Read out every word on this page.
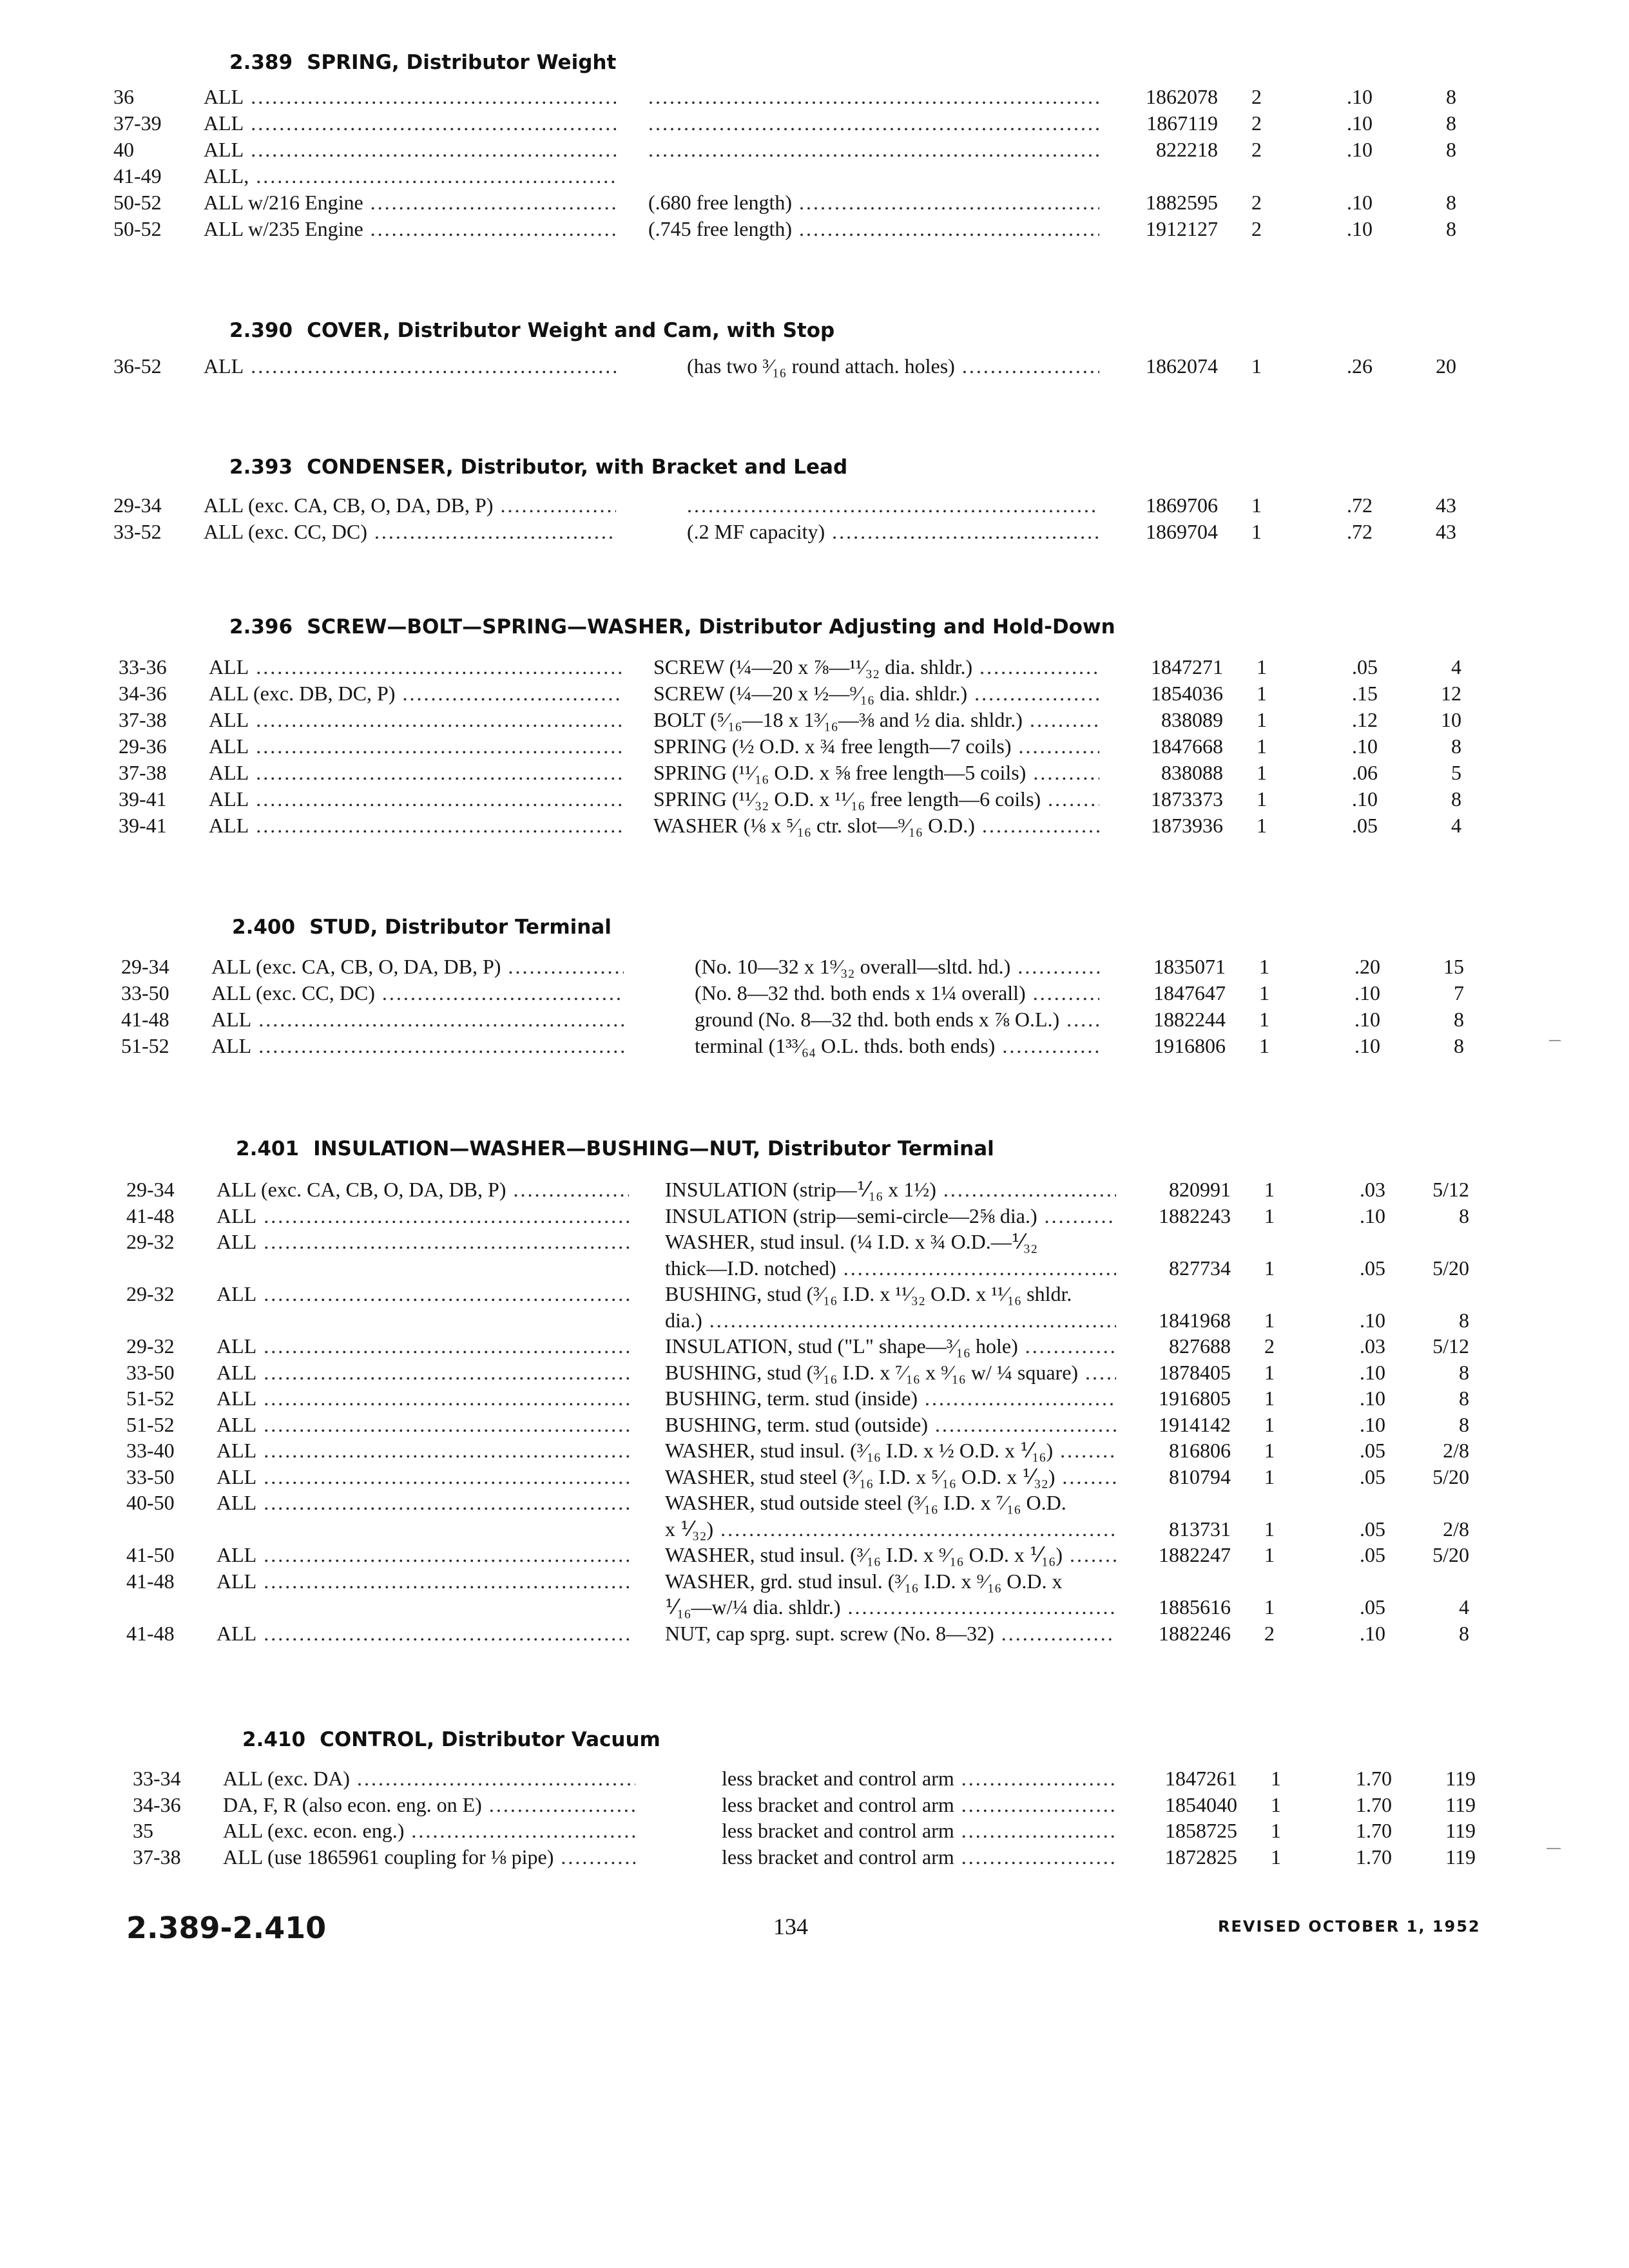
2.389 SPRING, Distributor Weight
36	ALL ..... .....	1862078	2	.10	8
37-39	ALL ..... .....	1867119	2	.10	8
40	ALL ..... .....	822218	2	.10	8
41-49	ALL, .....
50-52	ALL w/216 Engine .....	(.680 free length) .....	1882595	2	.10	8
50-52	ALL w/235 Engine .....	(.745 free length) .....	1912127	2	.10	8
2.390 COVER, Distributor Weight and Cam, with Stop
36-52	ALL .....	(has two ³⁄₁₆ round attach. holes) .....	1862074	1	.26	20
2.393 CONDENSER, Distributor, with Bracket and Lead
29-34	ALL (exc. CA, CB, O, DA, DB, P) ..... .....	1869706	1	.72	43
33-52	ALL (exc. CC, DC) .....	(.2 MF capacity) .....	1869704	1	.72	43
2.396 SCREW—BOLT—SPRING—WASHER, Distributor Adjusting and Hold-Down
33-36	ALL .....	SCREW (¼—20 x ⅞—¹¹⁄₃₂ dia. shldr.) .....	1847271	1	.05	4
34-36	ALL (exc. DB, DC, P) .....	SCREW (¼—20 x ½—⁹⁄₁₆ dia. shldr.) .....	1854036	1	.15	12
37-38	ALL .....	BOLT (⁵⁄₁₆—18 x 1³⁄₁₆—⅜ and ½ dia. shldr.) .....	838089	1	.12	10
29-36	ALL .....	SPRING (½ O.D. x ¾ free length—7 coils) .....	1847668	1	.10	8
37-38	ALL .....	SPRING (¹¹⁄₁₆ O.D. x ⅝ free length—5 coils) .....	838088	1	.06	5
39-41	ALL .....	SPRING (¹¹⁄₃₂ O.D. x ¹¹⁄₁₆ free length—6 coils) .....	1873373	1	.10	8
39-41	ALL .....	WASHER (⅛ x ⁵⁄₁₆ ctr. slot—⁹⁄₁₆ O.D.) .....	1873936	1	.05	4
2.400 STUD, Distributor Terminal
29-34	ALL (exc. CA, CB, O, DA, DB, P) .....	(No. 10—32 x 1⁹⁄₃₂ overall—sltd. hd.) .....	1835071	1	.20	15
33-50	ALL (exc. CC, DC) .....	(No. 8—32 thd. both ends x 1¼ overall) .....	1847647	1	.10	7
41-48	ALL .....	ground (No. 8—32 thd. both ends x ⅞ O.L.) .....	1882244	1	.10	8
51-52	ALL .....	terminal (1³³⁄₆₄ O.L. thds. both ends) .....	1916806	1	.10	8
2.401 INSULATION—WASHER—BUSHING—NUT, Distributor Terminal
29-34	ALL (exc. CA, CB, O, DA, DB, P) .....	INSULATION (strip—⅟₁₆ x 1½) .....	820991	1	.03	5/12
41-48	ALL .....	INSULATION (strip—semi-circle—2⅝ dia.) .....	1882243	1	.10	8
29-32	ALL .....	WASHER, stud insul. (¼ I.D. x ¾ O.D.—⅟₃₂
thick—I.D. notched) .....	827734	1	.05	5/20
29-32	ALL .....	BUSHING, stud (³⁄₁₆ I.D. x ¹¹⁄₃₂ O.D. x ¹¹⁄₁₆ shldr.
dia.) .....	1841968	1	.10	8
29-32	ALL .....	INSULATION, stud ("L" shape—³⁄₁₆ hole) .....	827688	2	.03	5/12
33-50	ALL .....	BUSHING, stud (³⁄₁₆ I.D. x ⁷⁄₁₆ x ⁹⁄₁₆ w/ ¼ square) .....	1878405	1	.10	8
51-52	ALL .....	BUSHING, term. stud (inside) .....	1916805	1	.10	8
51-52	ALL .....	BUSHING, term. stud (outside) .....	1914142	1	.10	8
33-40	ALL .....	WASHER, stud insul. (³⁄₁₆ I.D. x ½ O.D. x ⅟₁₆) .....	816806	1	.05	2/8
33-50	ALL .....	WASHER, stud steel (³⁄₁₆ I.D. x ⁵⁄₁₆ O.D. x ⅟₃₂) .....	810794	1	.05	5/20
40-50	ALL .....	WASHER, stud outside steel (³⁄₁₆ I.D. x ⁷⁄₁₆ O.D.
x ⅟₃₂) .....	813731	1	.05	2/8
41-50	ALL .....	WASHER, stud insul. (³⁄₁₆ I.D. x ⁹⁄₁₆ O.D. x ⅟₁₆) .....	1882247	1	.05	5/20
41-48	ALL .....	WASHER, grd. stud insul. (³⁄₁₆ I.D. x ⁹⁄₁₆ O.D. x
⅟₁₆—w/¼ dia. shldr.) .....	1885616	1	.05	4
41-48	ALL .....	NUT, cap sprg. supt. screw (No. 8—32) .....	1882246	2	.10	8
2.410 CONTROL, Distributor Vacuum
33-34	ALL (exc. DA) .....	less bracket and control arm .....	1847261	1	1.70	119
34-36	DA, F, R (also econ. eng. on E) .....	less bracket and control arm .....	1854040	1	1.70	119
35	ALL (exc. econ. eng.) .....	less bracket and control arm .....	1858725	1	1.70	119
37-38	ALL (use 1865961 coupling for ⅛ pipe) .....	less bracket and control arm .....	1872825	1	1.70	119
2.389-2.410	134	REVISED OCTOBER 1, 1952
